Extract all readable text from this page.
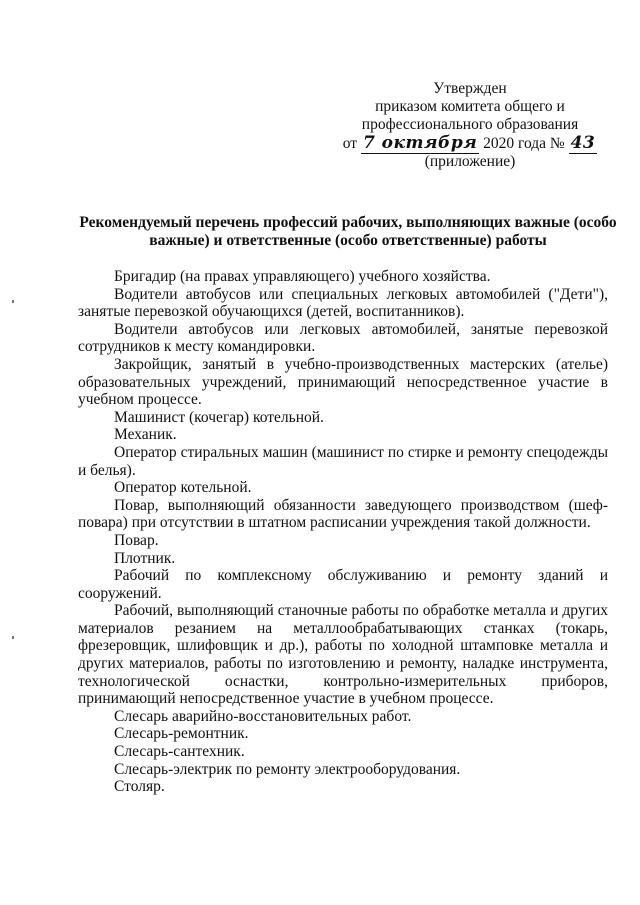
Утвержден
приказом комитета общего и
профессионального образования
от 7 октября 2020 года № 43
(приложение)
Рекомендуемый перечень профессий рабочих, выполняющих важные (особо важные) и ответственные (особо ответственные) работы

Бригадир (на правах управляющего) учебного хозяйства.

Водители автобусов или специальных легковых автомобилей ("Дети"), занятые перевозкой обучающихся (детей, воспитанников).

Водители автобусов или легковых автомобилей, занятые перевозкой сотрудников к месту командировки.

Закройщик, занятый в учебно-производственных мастерских (ателье) образовательных учреждений, принимающий непосредственное участие в учебном процессе.

Машинист (кочегар) котельной.

Механик.

Оператор стиральных машин (машинист по стирке и ремонту спецодежды и белья).

Оператор котельной.

Повар, выполняющий обязанности заведующего производством (шеф-повара) при отсутствии в штатном расписании учреждения такой должности.

Повар.

Плотник.

Рабочий по комплексному обслуживанию и ремонту зданий и сооружений.

Рабочий, выполняющий станочные работы по обработке металла и других материалов резанием на металлообрабатывающих станках (токарь, фрезеровщик, шлифовщик и др.), работы по холодной штамповке металла и других материалов, работы по изготовлению и ремонту, наладке инструмента, технологической оснастки, контрольно-измерительных приборов, принимающий непосредственное участие в учебном процессе.

Слесарь аварийно-восстановительных работ.

Слесарь-ремонтник.

Слесарь-сантехник.

Слесарь-электрик по ремонту электрооборудования.

Столяр.
